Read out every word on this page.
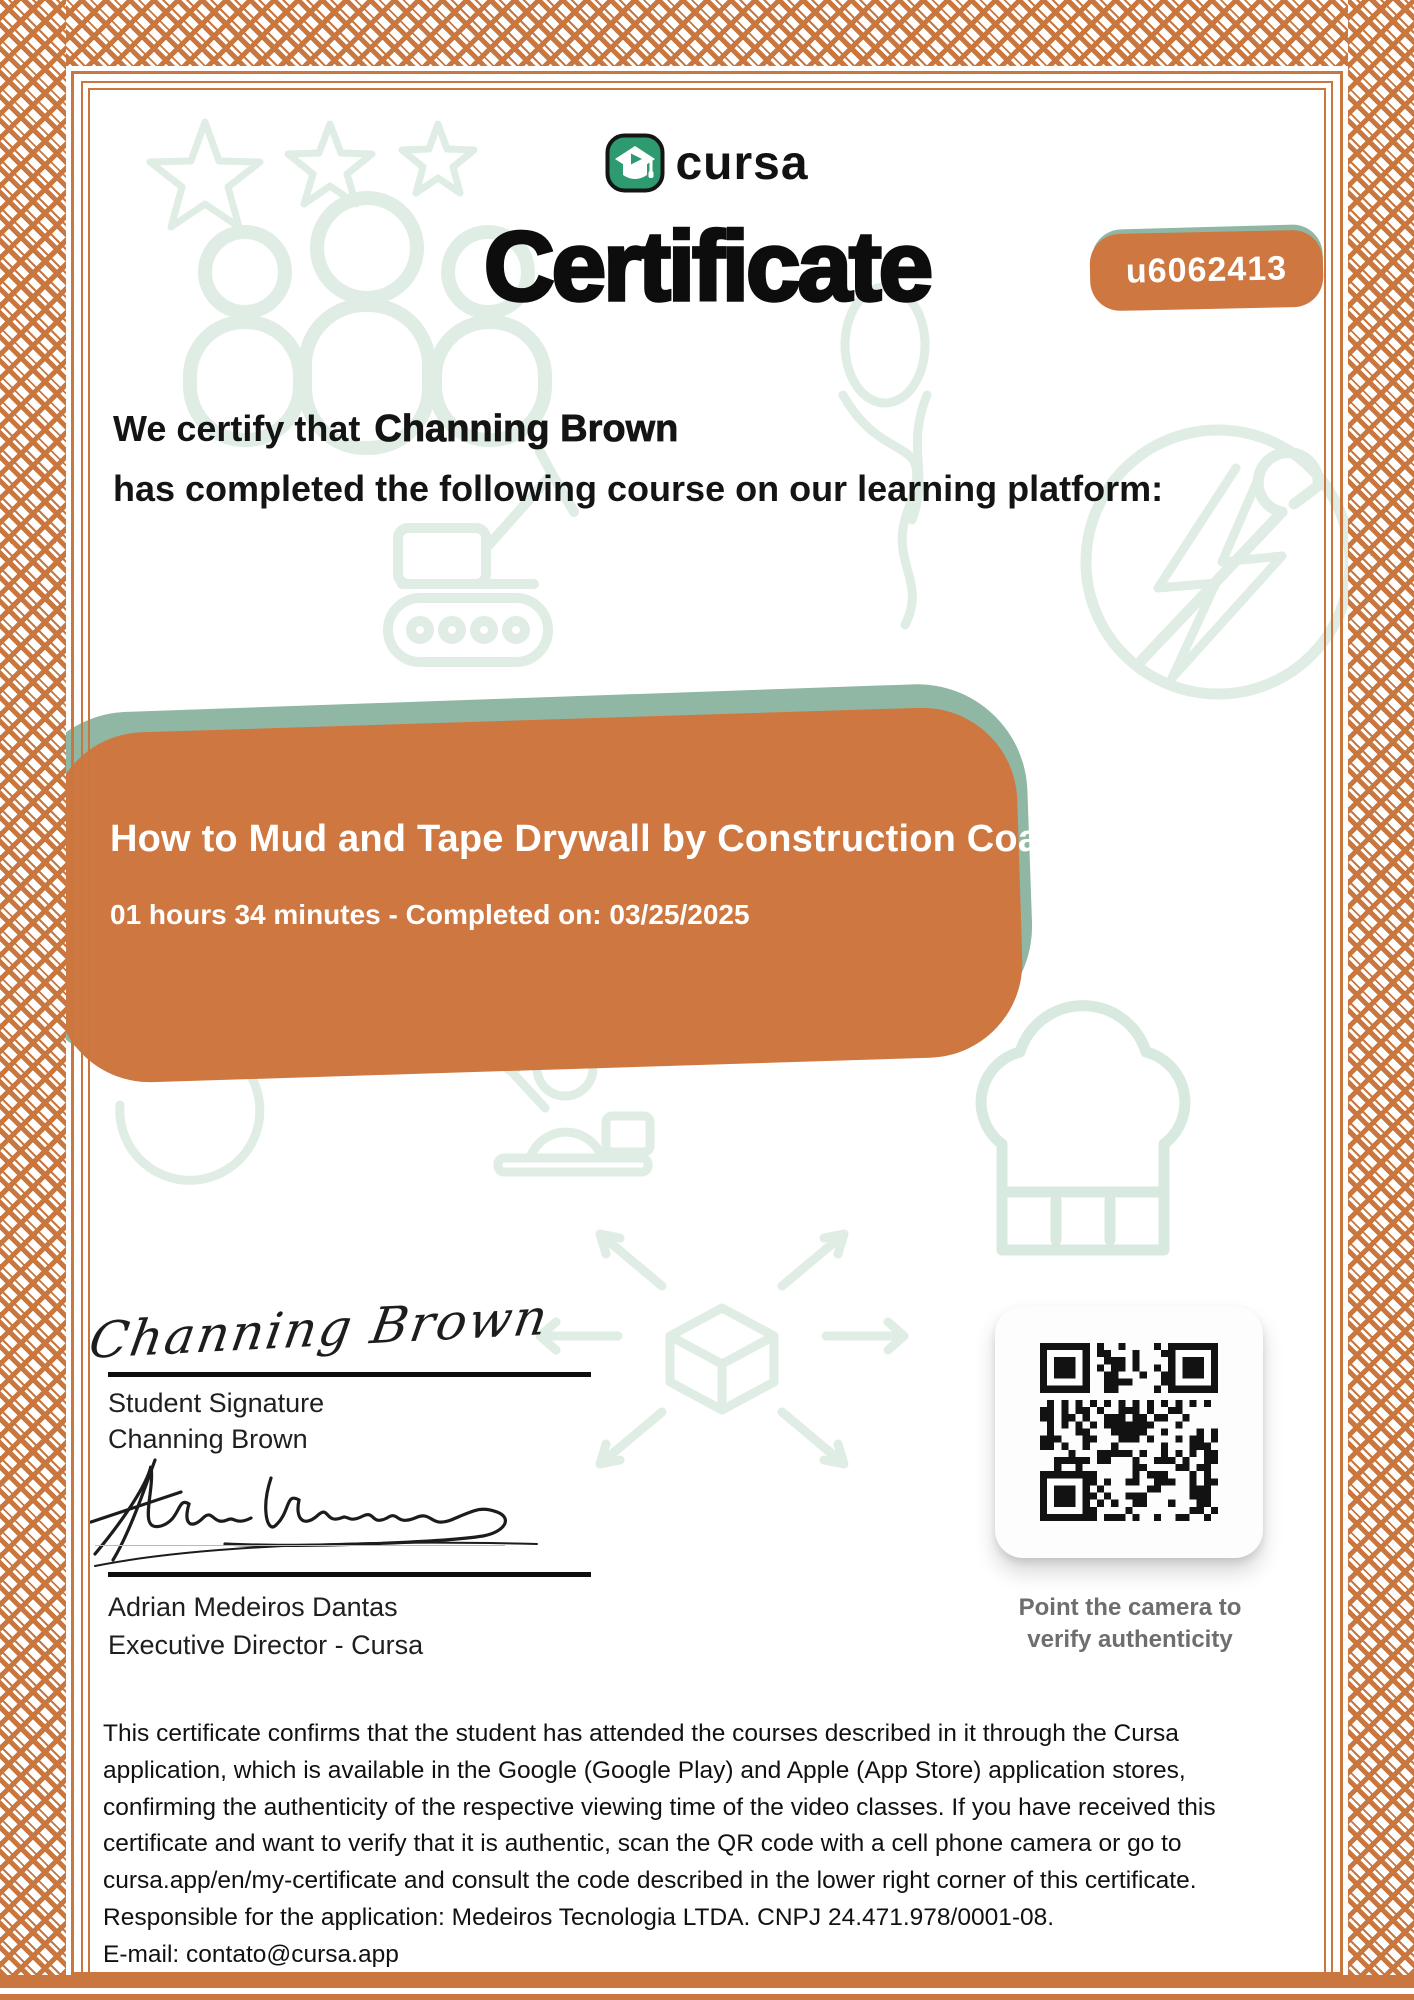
cursa
Certificate	u6062413
We certify that Channing Brown
has completed the following course on our learning platform:
How to Mud and Tape Drywall by Construction Coach
01 hours 34 minutes - Completed on: 03/25/2025
Channing Brown
Student Signature
Channing Brown
Adrian Medeiros Dantas
Executive Director - Cursa
Point the camera to
verify authenticity
This certificate confirms that the student has attended the courses described in it through the Cursa
application, which is available in the Google (Google Play) and Apple (App Store) application stores,
confirming the authenticity of the respective viewing time of the video classes. If you have received this
certificate and want to verify that it is authentic, scan the QR code with a cell phone camera or go to
cursa.app/en/my-certificate and consult the code described in the lower right corner of this certificate.
Responsible for the application: Medeiros Tecnologia LTDA. CNPJ 24.471.978/0001-08.
E-mail: contato@cursa.app
